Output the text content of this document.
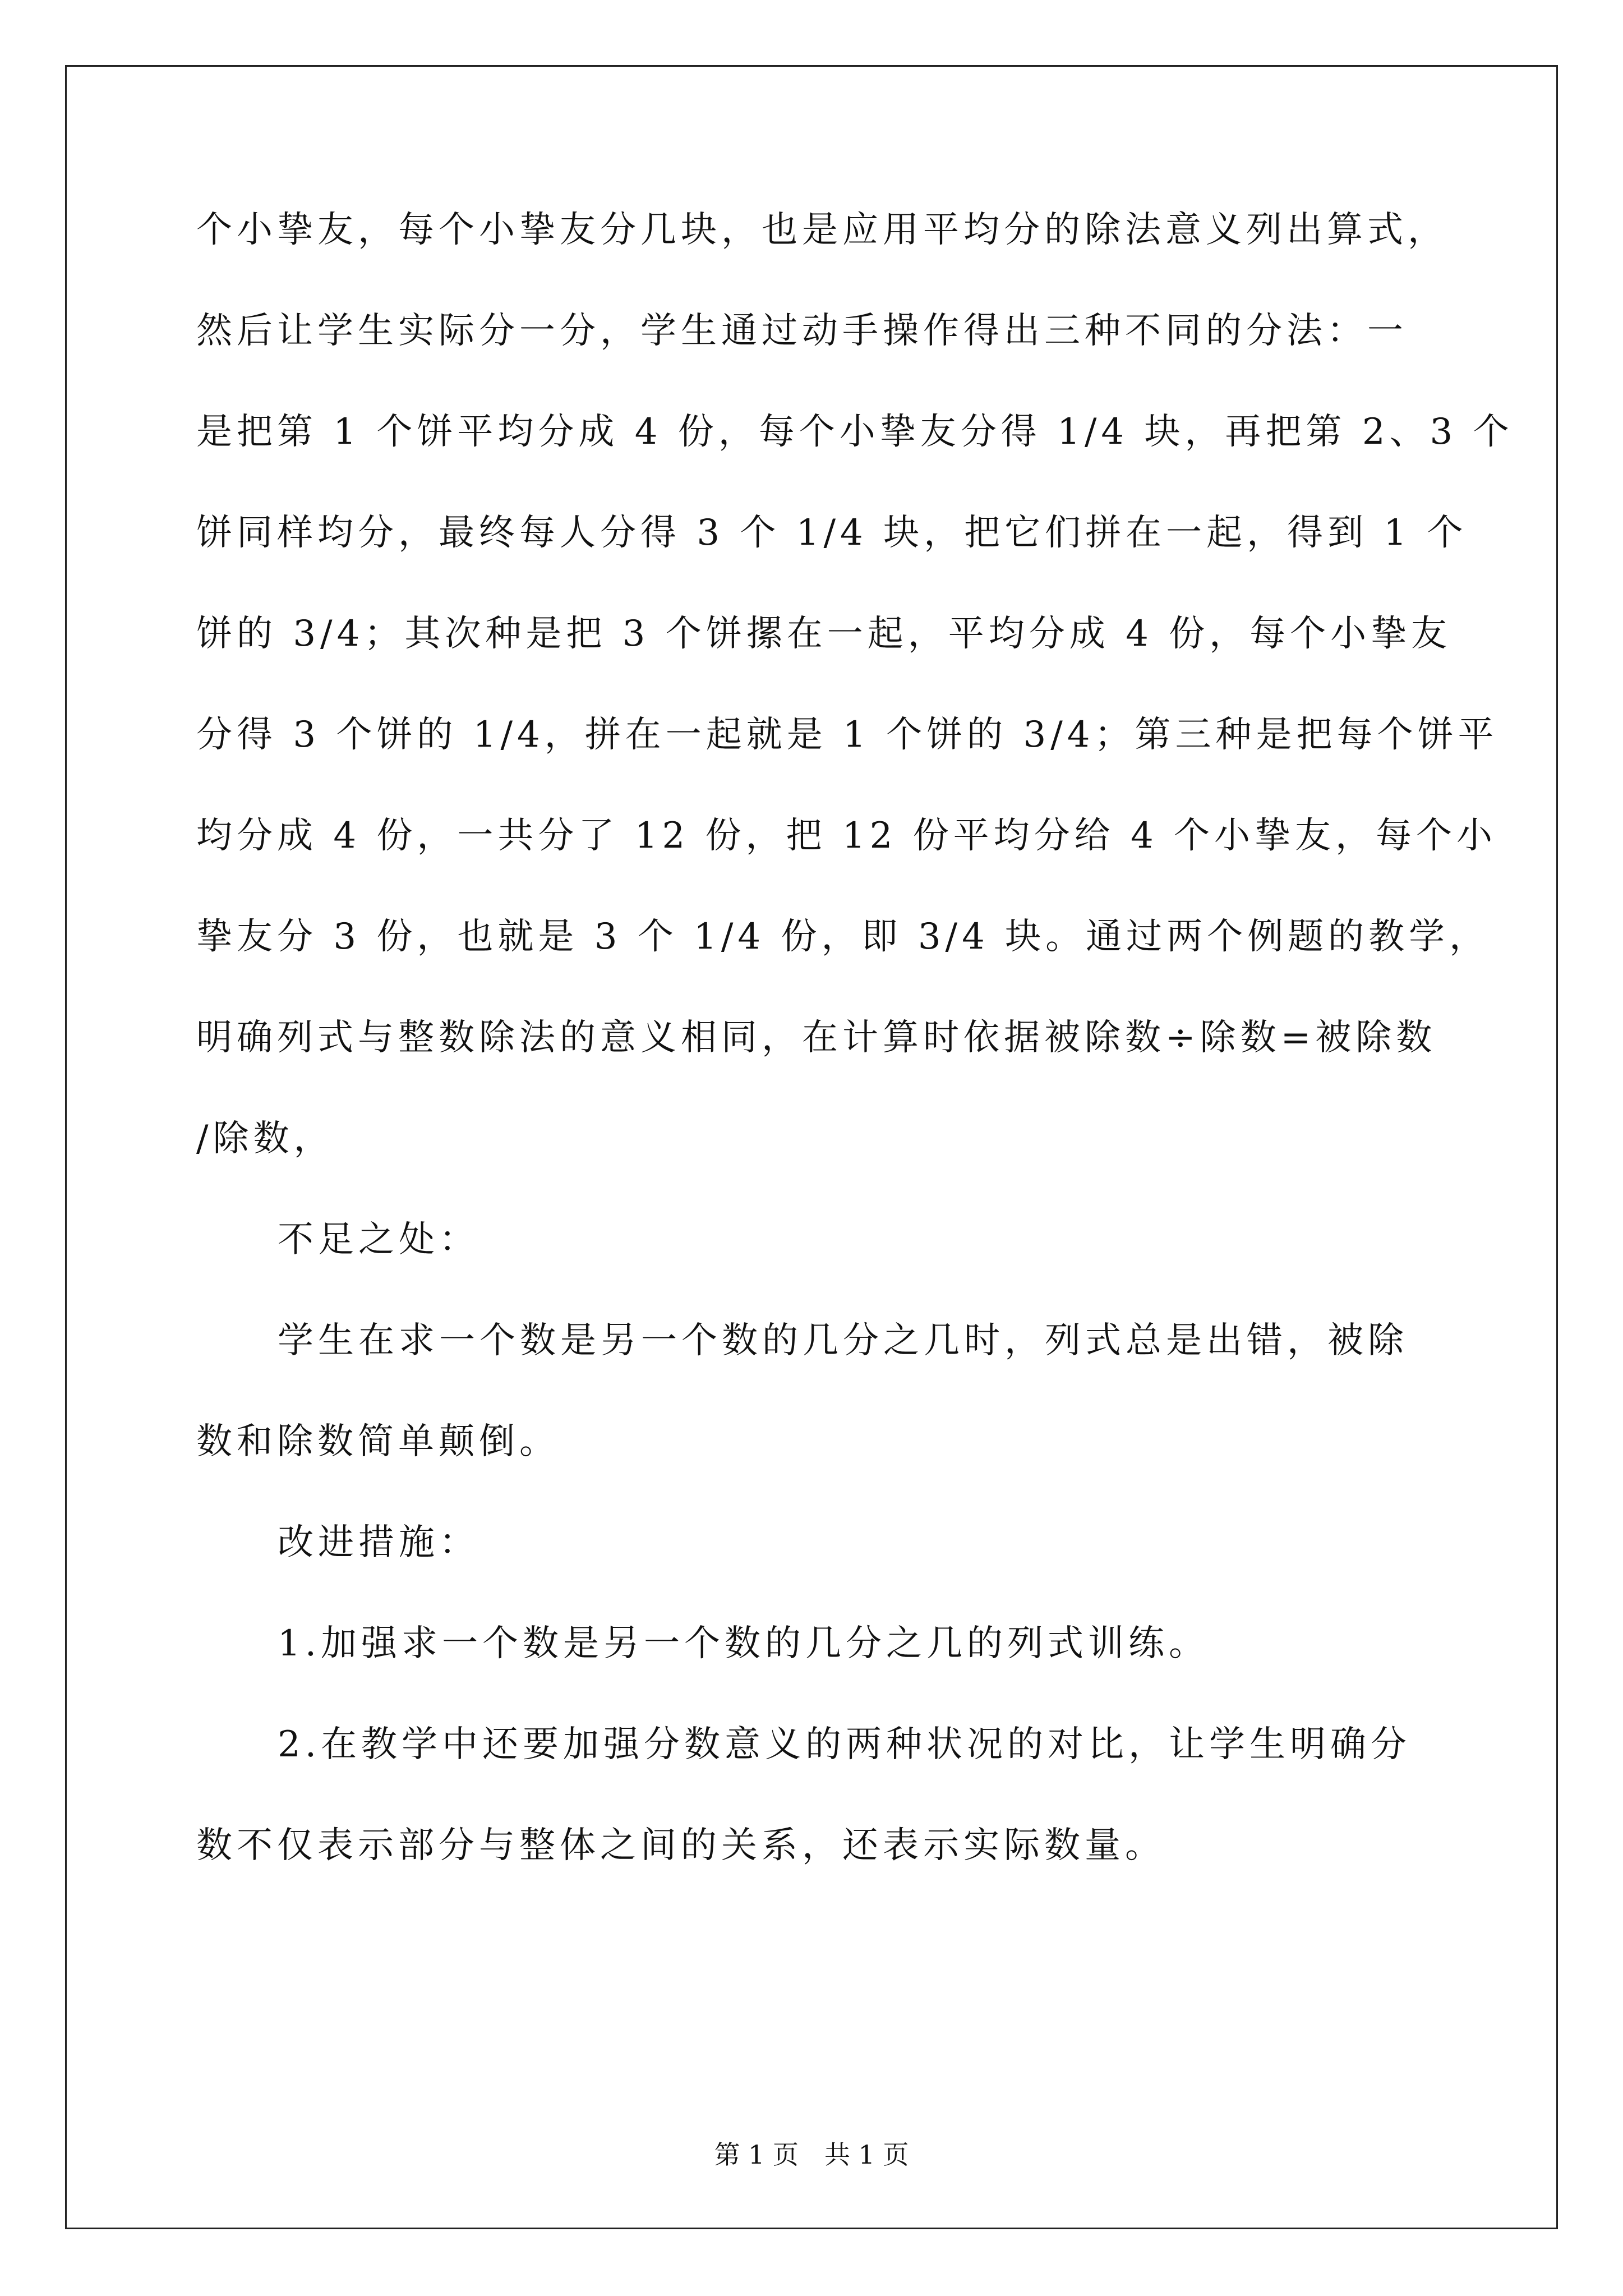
个小挚友，每个小挚友分几块，也是应用平均分的除法意义列出算式，
然后让学生实际分一分，学生通过动手操作得出三种不同的分法：一
是把第 1 个饼平均分成 4 份，每个小挚友分得 1/4 块，再把第 2、3 个
饼同样均分，最终每人分得 3 个 1/4 块，把它们拼在一起，得到 1 个
饼的 3/4；其次种是把 3 个饼摞在一起，平均分成 4 份，每个小挚友
分得 3 个饼的 1/4，拼在一起就是 1 个饼的 3/4；第三种是把每个饼平
均分成 4 份，一共分了 12 份，把 12 份平均分给 4 个小挚友，每个小
挚友分 3 份，也就是 3 个 1/4 份，即 3/4 块。通过两个例题的教学，
明确列式与整数除法的意义相同，在计算时依据被除数÷除数=被除数
/除数，
不足之处：
学生在求一个数是另一个数的几分之几时，列式总是出错，被除
数和除数简单颠倒。
改进措施：
1.加强求一个数是另一个数的几分之几的列式训练。
2.在教学中还要加强分数意义的两种状况的对比，让学生明确分
数不仅表示部分与整体之间的关系，还表示实际数量。
第 1 页　共 1 页
